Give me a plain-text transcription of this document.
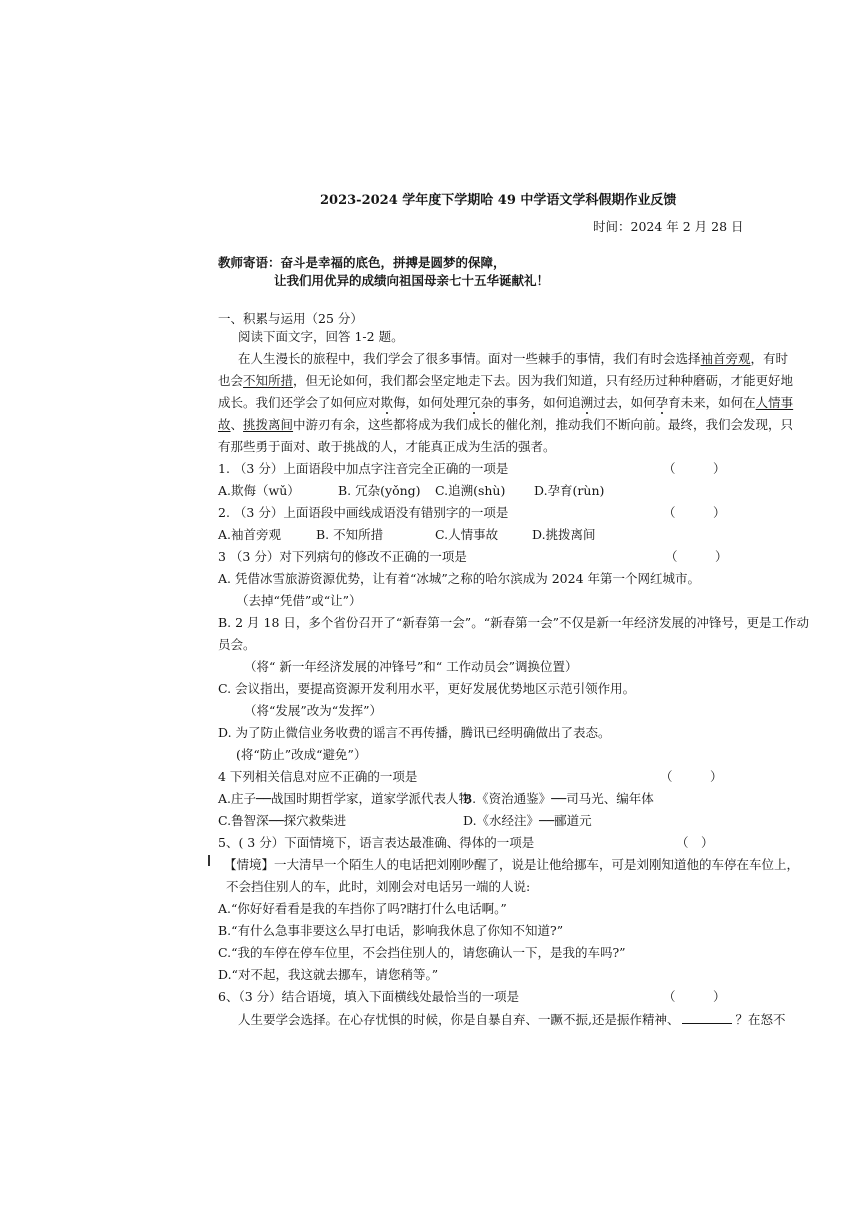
2023-2024 学年度下学期哈 49 中学语文学科假期作业反馈
时间：2024 年 2 月 28 日
教师寄语：奋斗是幸福的底色，拼搏是圆梦的保障，
让我们用优异的成绩向祖国母亲七十五华诞献礼！
一、积累与运用（25 分）
阅读下面文字，回答 1-2 题。
在人生漫长的旅程中，我们学会了很多事情。面对一些棘手的事情，我们有时会选择袖首旁观，有时
也会不知所措，但无论如何，我们都会坚定地走下去。因为我们知道，只有经历过种种磨砺，才能更好地
成长。我们还学会了如何应对欺侮，如何处理冗杂的事务，如何追溯过去，如何孕育未来，如何在人情事
故、挑拨离间中游刃有余，这些都将成为我们成长的催化剂，推动我们不断向前。最终，我们会发现，只
有那些勇于面对、敢于挑战的人，才能真正成为生活的强者。
1. （3 分）上面语段中加点字注音完全正确的一项是	（　　　）
A.欺侮（wǔ）	B. 冗杂(yǒng) C.追溯(shù) D.孕育(rùn)
2. （3 分）上面语段中画线成语没有错别字的一项是	（　　　）
A.袖首旁观	B. 不知所措	C.人情事故	D.挑拨离间
3 （3 分）对下列病句的修改不正确的一项是	（　　　）
A. 凭借冰雪旅游资源优势，让有着“冰城”之称的哈尔滨成为 2024 年第一个网红城市。
（去掉“凭借”或“让”）
B. 2 月 18 日，多个省份召开了“新春第一会”。“新春第一会”不仅是新一年经济发展的冲锋号，更是工作动
员会。
（将“ 新一年经济发展的冲锋号”和“ 工作动员会”调换位置）
C. 会议指出，要提高资源开发利用水平，更好发展优势地区示范引领作用。
（将“发展”改为“发挥”）
D. 为了防止微信业务收费的谣言不再传播，腾讯已经明确做出了表态。
(将“防止”改成“避免”）
4 下列相关信息对应不正确的一项是	（　　　）
A.庄子──战国时期哲学家，道家学派代表人物
B.《资治通鉴》──司马光、编年体
C.鲁智深──探穴救柴进	D.《水经注》──郦道元
5、( 3 分）下面情境下，语言表达最准确、得体的一项是	（　）
【情境】一大清早一个陌生人的电话把刘刚吵醒了，说是让他给挪车，可是刘刚知道他的车停在车位上，
不会挡住别人的车，此时，刘刚会对电话另一端的人说:
A.“你好好看看是我的车挡你了吗?瞎打什么电话啊。”
B.“有什么急事非要这么早打电话，影响我休息了你知不知道?”
C.“我的车停在停车位里，不会挡住别人的，请您确认一下，是我的车吗?”
D.“对不起，我这就去挪车，请您稍等。”
6、（3 分）结合语境，填入下面横线处最恰当的一项是	（　　　）
人生要学会选择。在心存忧惧的时候，你是自暴自弃、一蹶不振,还是振作精神、	？在怒不
